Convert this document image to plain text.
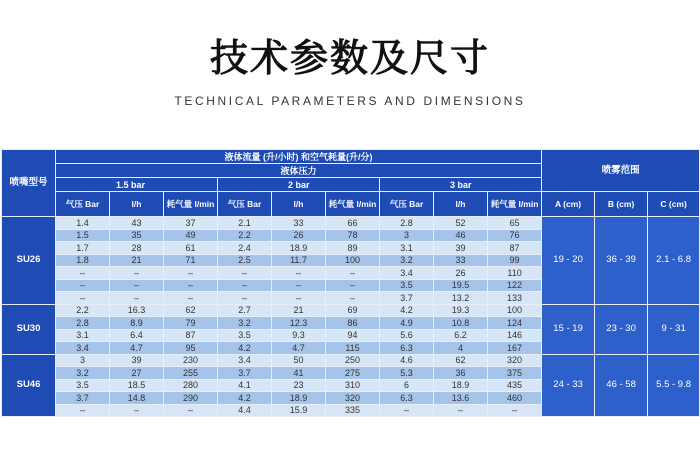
技术参数及尺寸
TECHNICAL PARAMETERS AND DIMENSIONS
喷嘴型号	液体流量 (升/小时) 和空气耗量(升/分)									喷雾范围		
	液体压力											
	1.5 bar			2 bar			3 bar					
	气压 Bar	l/h	耗气量 l/min	气压 Bar	l/h	耗气量 l/min	气压 Bar	l/h	耗气量 l/min	A (cm)	B (cm)	C (cm)
SU26	1.4	43	37	2.1	33	66	2.8	52	65	19 - 20	36 - 39	2.1 - 6.8
	1.5	35	49	2.2	26	78	3	46	76			
	1.7	28	61	2.4	18.9	89	3.1	39	87			
	1.8	21	71	2.5	11.7	100	3.2	33	99			
	–	–	–	–	–	–	3.4	26	110			
	–	–	–	–	–	–	3.5	19.5	122			
	–	–	–	–	–	–	3.7	13.2	133			
SU30	2.2	16.3	62	2.7	21	69	4.2	19.3	100	15 - 19	23 - 30	9 - 31
	2.8	8.9	79	3.2	12.3	86	4.9	10.8	124			
	3.1	6.4	87	3.5	9.3	94	5.6	6.2	146			
	3.4	4.7	95	4.2	4.7	115	6.3	4	167			
SU46	3	39	230	3.4	50	250	4.6	62	320	24 - 33	46 - 58	5.5 - 9.8
	3.2	27	255	3.7	41	275	5.3	36	375			
	3.5	18.5	280	4.1	23	310	6	18.9	435			
	3.7	14.8	290	4.2	18.9	320	6.3	13.6	460			
	–	–	–	4.4	15.9	335	–	–	–			
